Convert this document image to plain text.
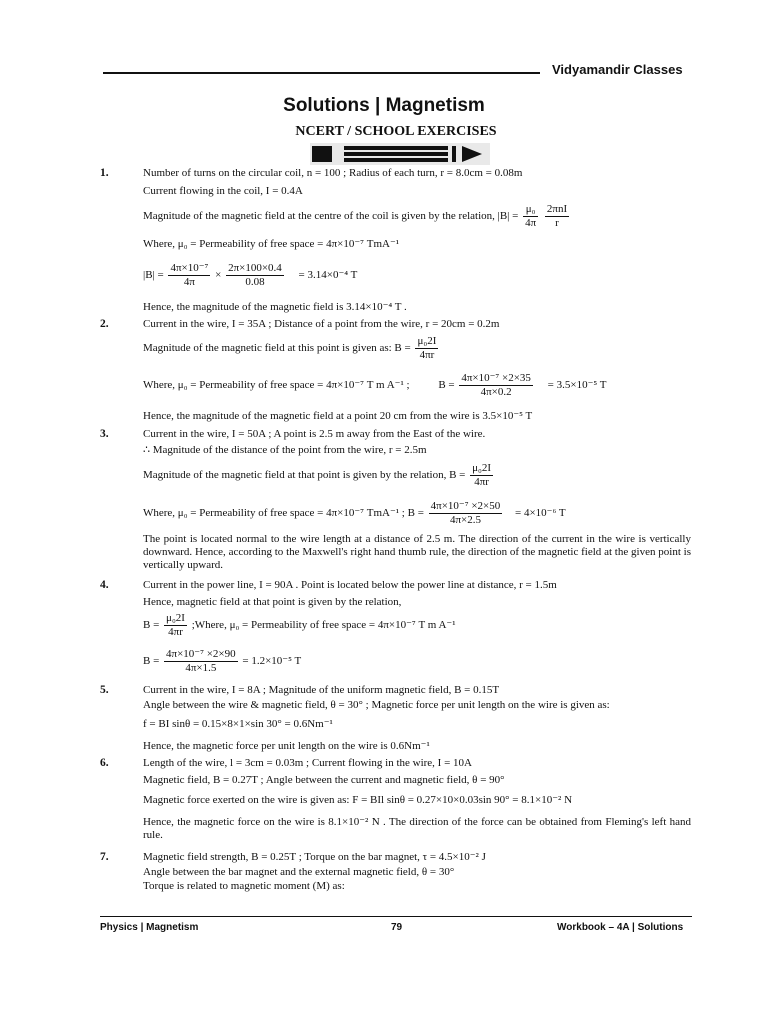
Vidyamandir Classes
Solutions | Magnetism
NCERT / SCHOOL EXERCISES
1.	Number of turns on the circular coil, n = 100 ; Radius of each turn, r = 8.0cm = 0.08m
Current flowing in the coil, I = 0.4A
Magnitude of the magnetic field at the centre of the coil is given by the relation, $|B| = \frac{\text{μ₀}}{4\pi}$
$\frac{\text{2πnI}}{r}$
Where, μ₀ = Permeability of free space = 4π×10⁻⁷ TmA⁻¹
$|B| = \frac{\text{4π×10⁻⁷}}{4\pi} \times \frac{2\pi\times 100\times 0.4}{0.08} = 3.14\times 0^{-4}$ T
Hence, the magnitude of the magnetic field is 3.14×10⁻⁴ T .
2.	Current in the wire, I = 35A ; Distance of a point from the wire, r = 20cm = 0.2m
Magnitude of the magnetic field at this point is given as: $B = \frac{\text{μ₀2I}}{4\pi r}$
Where, μ₀ = Permeability of free space = 4π×10⁻⁷ T m A⁻¹ ;	$B = \frac{\text{4π×10⁻⁷ ×2×35}}{4\pi\times 0.2} = 3.5\times 10^{-5}$ T
Hence, the magnitude of the magnetic field at a point 20 cm from the wire is 3.5×10⁻⁵ T
3.	Current in the wire, I = 50A ; A point is 2.5 m away from the East of the wire.
∴ Magnitude of the distance of the point from the wire, r = 2.5m
Magnitude of the magnetic field at that point is given by the relation, $B = \frac{\text{μ₀2I}}{4\pi r}$
Where, μ₀ = Permeability of free space = 4π×10⁻⁷ TmA⁻¹ ; $B = \frac{\text{4π×10⁻⁷ ×2×50}}{4\pi\times 2.5} = 4\times 10^{-6}$ T
The point is located normal to the wire length at a distance of 2.5 m. The direction of the current in the wire is vertically downward. Hence, according to the Maxwell's right hand thumb rule, the direction of the magnetic field at the given point is vertically upward.
4.	Current in the power line, I = 90A . Point is located below the power line at distance, r = 1.5m
Hence, magnetic field at that point is given by the relation,
$B = \frac{\text{μ₀2I}}{4\pi r}$ ;Where, μ₀ = Permeability of free space = 4π×10⁻⁷ T m A⁻¹
$B = \frac{\text{4π×10⁻⁷ ×2×90}}{4\pi\times 1.5} = 1.2\times 10^{-5}$ T
5.	Current in the wire, I = 8A ; Magnitude of the uniform magnetic field, B = 0.15T
Angle between the wire & magnetic field, θ = 30° ; Magnetic force per unit length on the wire is given as:
f = BI sinθ = 0.15×8×1×sin 30° = 0.6Nm⁻¹
Hence, the magnetic force per unit length on the wire is 0.6Nm⁻¹
6.	Length of the wire, l = 3cm = 0.03m ; Current flowing in the wire, I = 10A
Magnetic field, B = 0.27T ; Angle between the current and magnetic field, θ = 90°
Magnetic force exerted on the wire is given as: F = BIl sinθ = 0.27×10×0.03sin 90° = 8.1×10⁻² N
Hence, the magnetic force on the wire is 8.1×10⁻² N . The direction of the force can be obtained from Fleming's left hand rule.
7.	Magnetic field strength, B = 0.25T ; Torque on the bar magnet, τ = 4.5×10⁻² J
Angle between the bar magnet and the external magnetic field, θ = 30°
Torque is related to magnetic moment (M) as:
Physics | Magnetism	79	Workbook – 4A | Solutions
